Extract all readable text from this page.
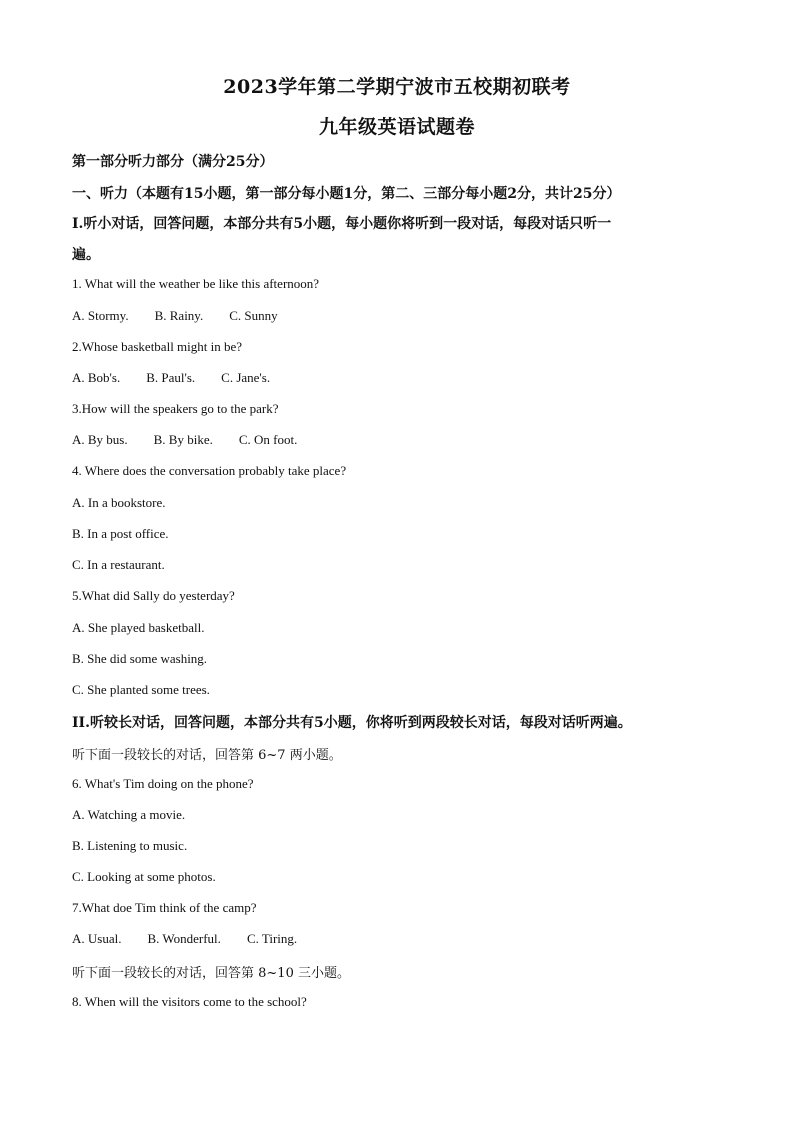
2023学年第二学期宁波市五校期初联考
九年级英语试题卷
第一部分听力部分（满分25分）
一、听力（本题有15小题，第一部分每小题1分，第二、三部分每小题2分，共计25分）
I.听小对话，回答问题，本部分共有5小题，每小题你将听到一段对话，每段对话只听一
遍。
1. What will the weather be like this afternoon?
A. Stormy. B. Rainy. C. Sunny
2.Whose basketball might in be?
A. Bob's. B. Paul's. C. Jane's.
3.How will the speakers go to the park?
A. By bus. B. By bike. C. On foot.
4. Where does the conversation probably take place?
A. In a bookstore.
B. In a post office.
C. In a restaurant.
5.What did Sally do yesterday?
A. She played basketball.
B. She did some washing.
C. She planted some trees.
II.听较长对话，回答问题，本部分共有5小题，你将听到两段较长对话，每段对话听两遍。
听下面一段较长的对话，回答第 6~7 两小题。
6. What's Tim doing on the phone?
A. Watching a movie.
B. Listening to music.
C. Looking at some photos.
7.What doe Tim think of the camp?
A. Usual. B. Wonderful. C. Tiring.
听下面一段较长的对话，回答第 8~10 三小题。
8. When will the visitors come to the school?
